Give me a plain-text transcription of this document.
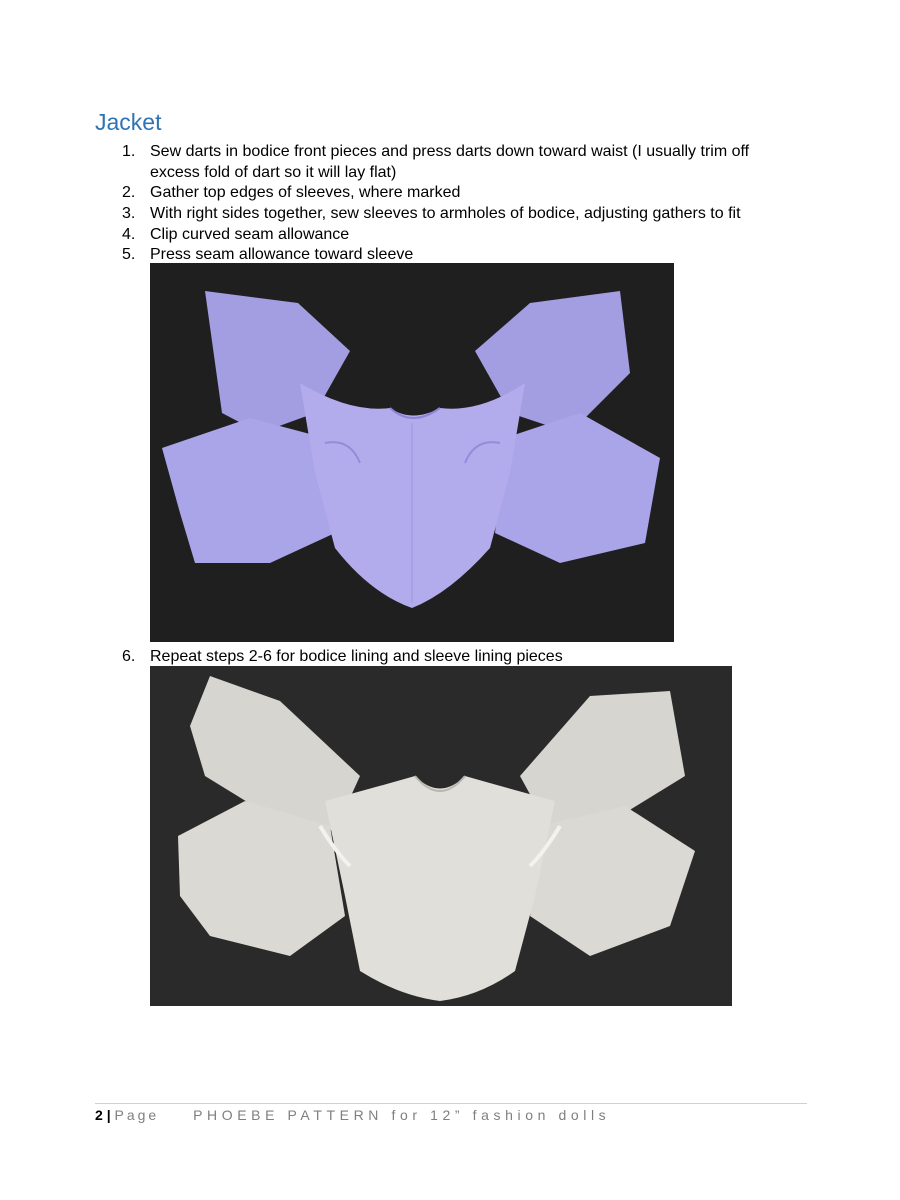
Jacket
1. Sew darts in bodice front pieces and press darts down toward waist (I usually trim off excess fold of dart so it will lay flat)
2. Gather top edges of sleeves, where marked
3. With right sides together, sew sleeves to armholes of bodice, adjusting gathers to fit
4. Clip curved seam allowance
5. Press seam allowance toward sleeve
6. Repeat steps 2-6 for bodice lining and sleeve lining pieces
2 | Page PHOEBE PATTERN for 12” fashion dolls
